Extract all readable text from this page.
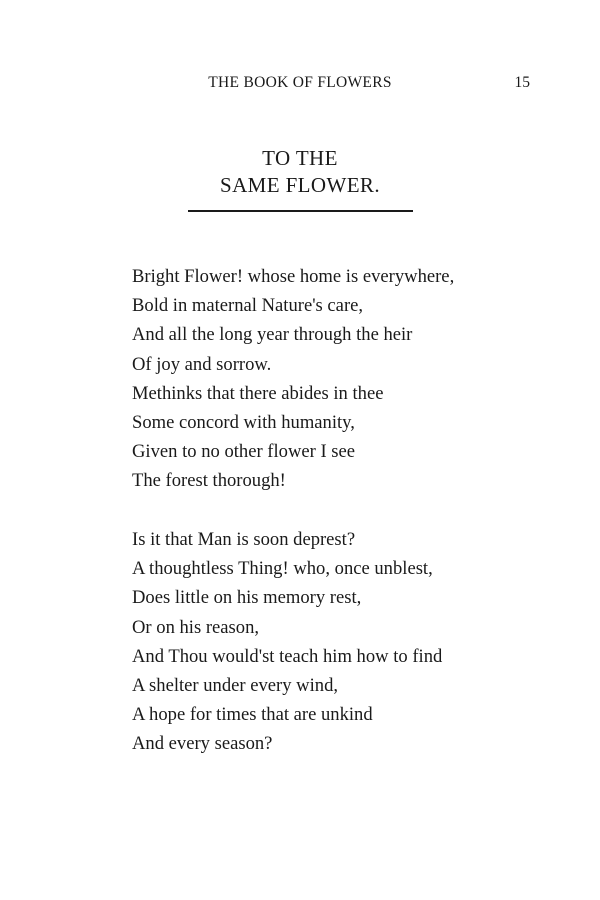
THE BOOK OF FLOWERS	15
TO THE
SAME FLOWER.
Bright Flower! whose home is everywhere,
Bold in maternal Nature's care,
And all the long year through the heir
Of joy and sorrow.
Methinks that there abides in thee
Some concord with humanity,
Given to no other flower I see
The forest thorough!
Is it that Man is soon deprest?
A thoughtless Thing! who, once unblest,
Does little on his memory rest,
Or on his reason,
And Thou would'st teach him how to find
A shelter under every wind,
A hope for times that are unkind
And every season?
